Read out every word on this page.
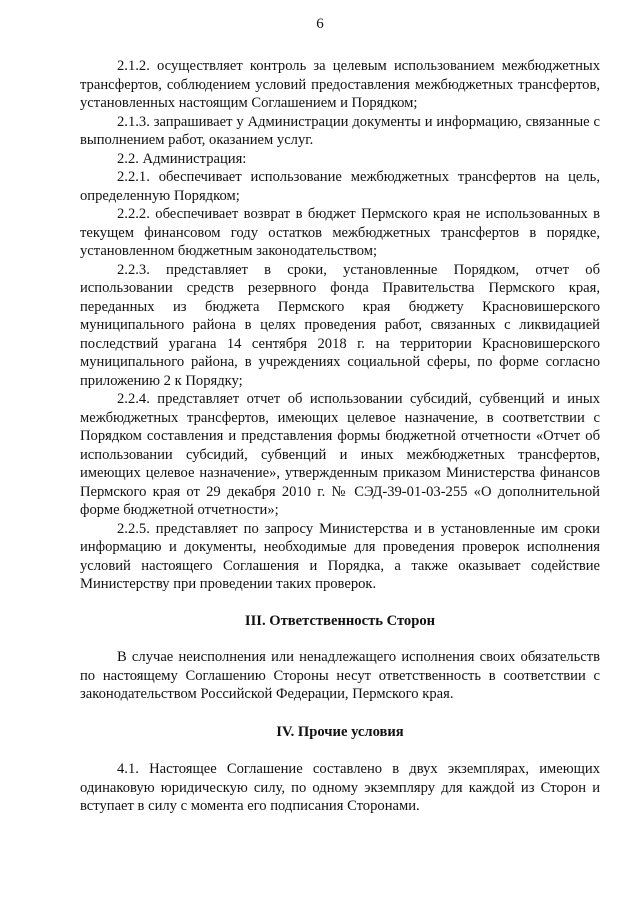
6

2.1.2. осуществляет контроль за целевым использованием межбюджетных трансфертов, соблюдением условий предоставления межбюджетных трансфертов, установленных настоящим Соглашением и Порядком;

2.1.3. запрашивает у Администрации документы и информацию, связанные с выполнением работ, оказанием услуг.

2.2. Администрация:

2.2.1. обеспечивает использование межбюджетных трансфертов на цель, определенную Порядком;

2.2.2. обеспечивает возврат в бюджет Пермского края не использованных в текущем финансовом году остатков межбюджетных трансфертов в порядке, установленном бюджетным законодательством;

2.2.3. представляет в сроки, установленные Порядком, отчет об использовании средств резервного фонда Правительства Пермского края, переданных из бюджета Пермского края бюджету Красновишерского муниципального района в целях проведения работ, связанных с ликвидацией последствий урагана 14 сентября 2018 г. на территории Красновишерского муниципального района, в учреждениях социальной сферы, по форме согласно приложению 2 к Порядку;

2.2.4. представляет отчет об использовании субсидий, субвенций и иных межбюджетных трансфертов, имеющих целевое назначение, в соответствии с Порядком составления и представления формы бюджетной отчетности «Отчет об использовании субсидий, субвенций и иных межбюджетных трансфертов, имеющих целевое назначение», утвержденным приказом Министерства финансов Пермского края от 29 декабря 2010 г. № СЭД-39-01-03-255 «О дополнительной форме бюджетной отчетности»;

2.2.5. представляет по запросу Министерства и в установленные им сроки информацию и документы, необходимые для проведения проверок исполнения условий настоящего Соглашения и Порядка, а также оказывает содействие Министерству при проведении таких проверок.

III. Ответственность Сторон

В случае неисполнения или ненадлежащего исполнения своих обязательств по настоящему Соглашению Стороны несут ответственность в соответствии с законодательством Российской Федерации, Пермского края.

IV. Прочие условия

4.1. Настоящее Соглашение составлено в двух экземплярах, имеющих одинаковую юридическую силу, по одному экземпляру для каждой из Сторон и вступает в силу с момента его подписания Сторонами.
